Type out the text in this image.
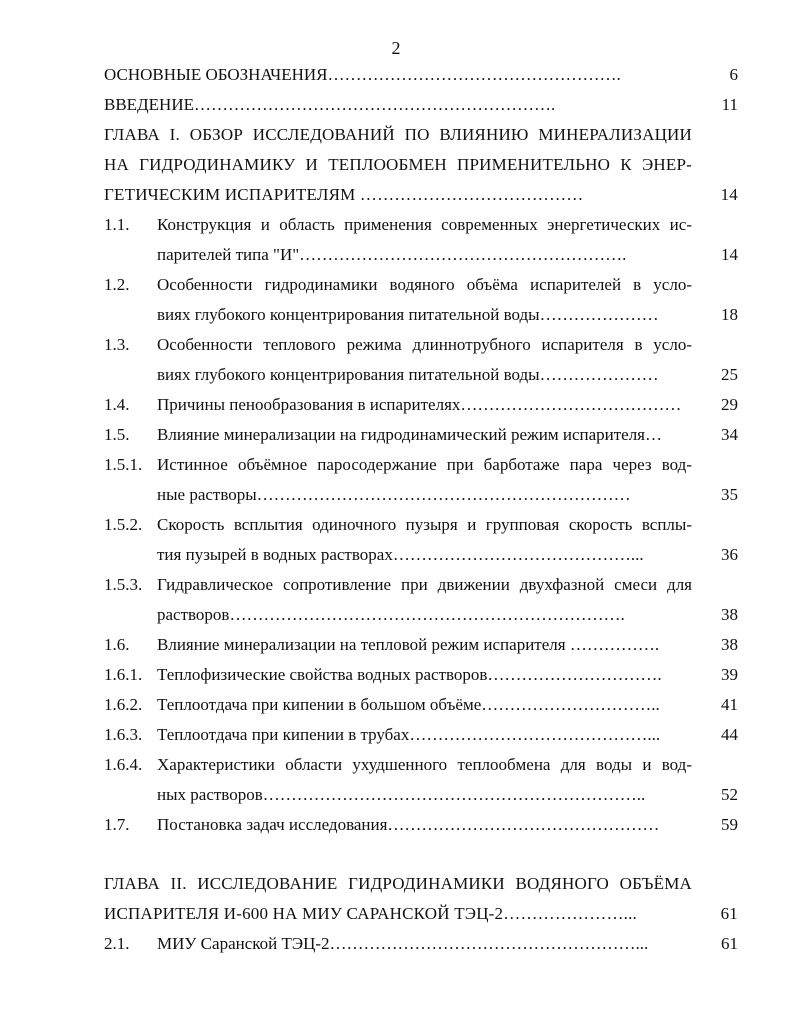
2
ОСНОВНЫЕ ОБОЗНАЧЕНИЯ…………………………………………….	6
ВВЕДЕНИЕ……………………………………………………….	11
ГЛАВА I. ОБЗОР ИССЛЕДОВАНИЙ ПО ВЛИЯНИЮ МИНЕРАЛИЗАЦИИ
НА ГИДРОДИНАМИКУ И ТЕПЛООБМЕН ПРИМЕНИТЕЛЬНО К ЭНЕР-
ГЕТИЧЕСКИМ ИСПАРИТЕЛЯМ …………………………………	14
1.1. Конструкция и область применения современных энергетических ис-
парителей типа "И"………………………………………………….	14
1.2. Особенности гидродинамики водяного объёма испарителей в усло-
виях глубокого концентрирования питательной воды…………………	18
1.3. Особенности теплового режима длиннотрубного испарителя в усло-
виях глубокого концентрирования питательной воды…………………	25
1.4. Причины пенообразования в испарителях…………………………………	29
1.5. Влияние минерализации на гидродинамический режим испарителя…	34
1.5.1. Истинное объёмное паросодержание при барботаже пара через вод-
ные растворы…………………………………………………………	35
1.5.2. Скорость всплытия одиночного пузыря и групповая скорость всплы-
тия пузырей в водных растворах……………………………………...	36
1.5.3. Гидравлическое сопротивление при движении двухфазной смеси для
растворов…………………………………………………………….	38
1.6. Влияние минерализации на тепловой режим испарителя …………….	38
1.6.1. Теплофизические свойства водных растворов………………………….	39
1.6.2. Теплоотдача при кипении в большом объёме…………………………..	41
1.6.3. Теплоотдача при кипении в трубах……………………………………...	44
1.6.4. Характеристики области ухудшенного теплообмена для воды и вод-
ных растворов…………………………………………………………..	52
1.7. Постановка задач исследования…………………………………………	59
ГЛАВА II. ИССЛЕДОВАНИЕ ГИДРОДИНАМИКИ ВОДЯНОГО ОБЪЁМА
ИСПАРИТЕЛЯ И-600 НА МИУ САРАНСКОЙ ТЭЦ-2…………………...	61
2.1. МИУ Саранской ТЭЦ-2………………………………………………...	61
